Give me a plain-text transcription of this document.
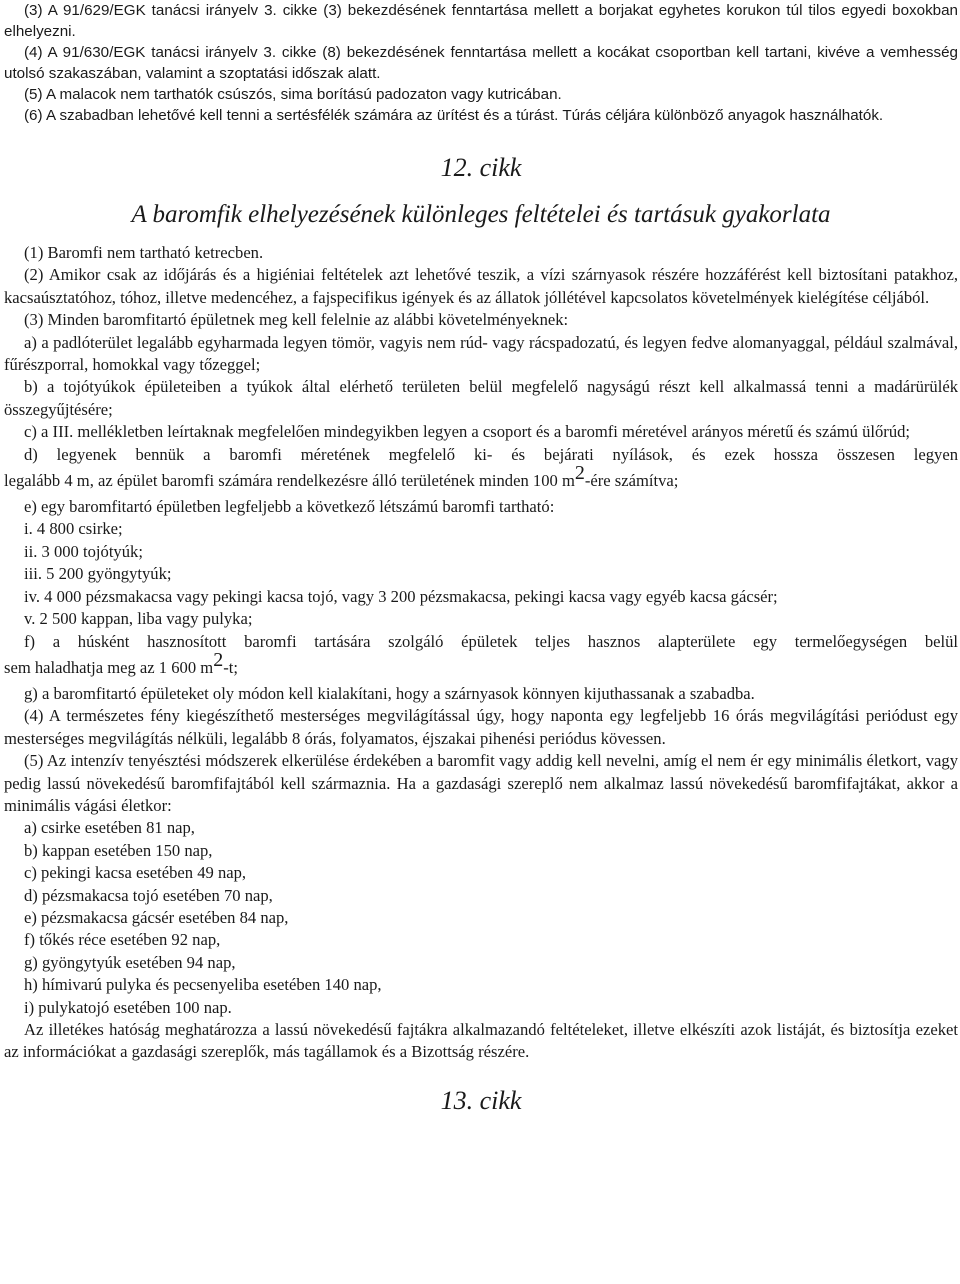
(3) A 91/629/EGK tanácsi irányelv 3. cikke (3) bekezdésének fenntartása mellett a borjakat egyhetes korukon túl tilos egyedi boxokban elhelyezni.

(4) A 91/630/EGK tanácsi irányelv 3. cikke (8) bekezdésének fenntartása mellett a kocákat csoportban kell tartani, kivéve a vemhesség utolsó szakaszában, valamint a szoptatási időszak alatt.

(5) A malacok nem tarthatók csúszós, sima borítású padozaton vagy kutricában.

(6) A szabadban lehetővé kell tenni a sertésfélék számára az ürítést és a túrást. Túrás céljára különböző anyagok használhatók.

12. cikk

A baromfik elhelyezésének különleges feltételei és tartásuk gyakorlata

(1) Baromfi nem tartható ketrecben.

(2) Amikor csak az időjárás és a higiéniai feltételek azt lehetővé teszik, a vízi szárnyasok részére hozzáférést kell biztosítani patakhoz, kacsaúsztatóhoz, tóhoz, illetve medencéhez, a fajspecifikus igények és az állatok jóllétével kapcsolatos követelmények kielégítése céljából.

(3) Minden baromfitartó épületnek meg kell felelnie az alábbi követelményeknek:

a) a padlóterület legalább egyharmada legyen tömör, vagyis nem rúd- vagy rácspadozatú, és legyen fedve alomanyaggal, például szalmával, fűrészporral, homokkal vagy tőzeggel;

b) a tojótyúkok épületeiben a tyúkok által elérhető területen belül megfelelő nagyságú részt kell alkalmassá tenni a madárürülék összegyűjtésére;

c) a III. mellékletben leírtaknak megfelelően mindegyikben legyen a csoport és a baromfi méretével arányos méretű és számú ülőrúd;

d) legyenek bennük a baromfi méretének megfelelő ki- és bejárati nyílások, és ezek hossza összesen legyen

legalább 4 m, az épület baromfi számára rendelkezésre álló területének minden 100 m2-ére számítva;

e) egy baromfitartó épületben legfeljebb a következő létszámú baromfi tartható:

i. 4 800 csirke;

ii. 3 000 tojótyúk;

iii. 5 200 gyöngytyúk;

iv. 4 000 pézsmakacsa vagy pekingi kacsa tojó, vagy 3 200 pézsmakacsa, pekingi kacsa vagy egyéb kacsa gácsér;

v. 2 500 kappan, liba vagy pulyka;

f) a húsként hasznosított baromfi tartására szolgáló épületek teljes hasznos alapterülete egy termelőegységen belül

sem haladhatja meg az 1 600 m2-t;

g) a baromfitartó épületeket oly módon kell kialakítani, hogy a szárnyasok könnyen kijuthassanak a szabadba.

(4) A természetes fény kiegészíthető mesterséges megvilágítással úgy, hogy naponta egy legfeljebb 16 órás megvilágítási periódust egy mesterséges megvilágítás nélküli, legalább 8 órás, folyamatos, éjszakai pihenési periódus kövessen.

(5) Az intenzív tenyésztési módszerek elkerülése érdekében a baromfit vagy addig kell nevelni, amíg el nem ér egy minimális életkort, vagy pedig lassú növekedésű baromfifajtából kell származnia. Ha a gazdasági szereplő nem alkalmaz lassú növekedésű baromfifajtákat, akkor a minimális vágási életkor:

a) csirke esetében 81 nap,

b) kappan esetében 150 nap,

c) pekingi kacsa esetében 49 nap,

d) pézsmakacsa tojó esetében 70 nap,

e) pézsmakacsa gácsér esetében 84 nap,

f) tőkés réce esetében 92 nap,

g) gyöngytyúk esetében 94 nap,

h) hímivarú pulyka és pecsenyeliba esetében 140 nap,

i) pulykatojó esetében 100 nap.

Az illetékes hatóság meghatározza a lassú növekedésű fajtákra alkalmazandó feltételeket, illetve elkészíti azok listáját, és biztosítja ezeket az információkat a gazdasági szereplők, más tagállamok és a Bizottság részére.

13. cikk
